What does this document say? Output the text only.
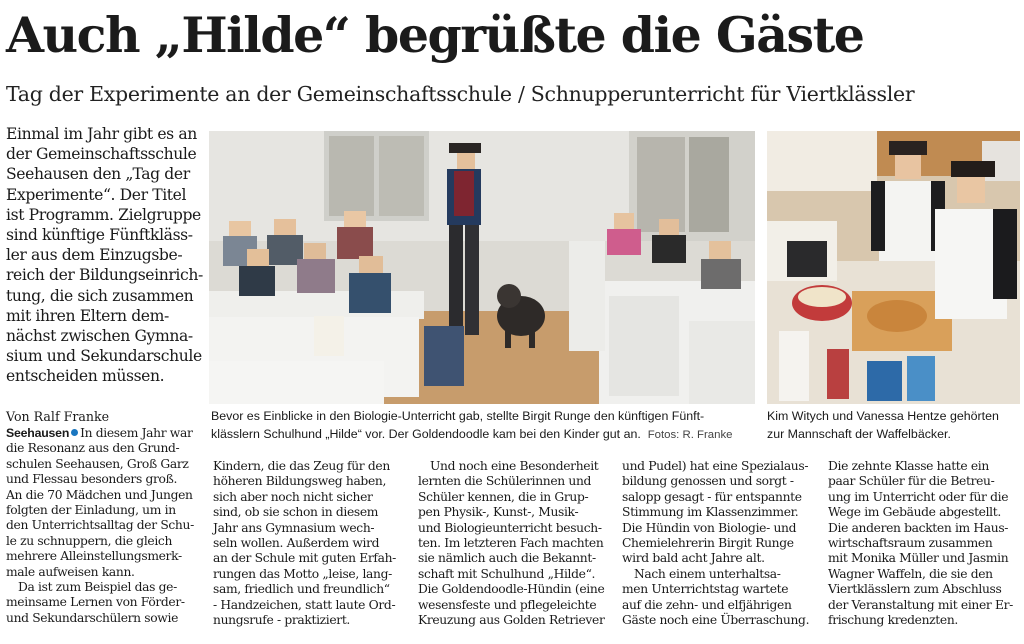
Auch „Hilde“ begrüßte die Gäste
Tag der Experimente an der Gemeinschaftsschule / Schnupperunterricht für Viertklässler
Einmal im Jahr gibt es an
der Gemeinschaftsschule
Seehausen den „Tag der
Experimente“. Der Titel
ist Programm. Zielgruppe
sind künftige Fünftkläss-
ler aus dem Einzugsbe-
reich der Bildungseinrich-
tung, die sich zusammen
mit ihren Eltern dem-
nächst zwischen Gymna-
sium und Sekundarschule
entscheiden müssen.
Von Ralf Franke
Seehausen In diesem Jahr war
die Resonanz aus den Grund-
schulen Seehausen, Groß Garz
und Flessau besonders groß.
An die 70 Mädchen und Jungen
folgten der Einladung, um in
den Unterrichtsalltag der Schu-
le zu schnuppern, die gleich
mehrere Alleinstellungsmerk-
male aufweisen kann.
Da ist zum Beispiel das ge-
meinsame Lernen von Förder-
und Sekundarschülern sowie
Kindern, die das Zeug für den
höheren Bildungsweg haben,
sich aber noch nicht sicher
sind, ob sie schon in diesem
Jahr ans Gymnasium wech-
seln wollen. Außerdem wird
an der Schule mit guten Erfah-
rungen das Motto „leise, lang-
sam, friedlich und freundlich“
- Handzeichen, statt laute Ord-
nungsrufe - praktiziert.
Und noch eine Besonderheit
lernten die Schülerinnen und
Schüler kennen, die in Grup-
pen Physik-, Kunst-, Musik-
und Biologieunterricht besuch-
ten. Im letzteren Fach machten
sie nämlich auch die Bekannt-
schaft mit Schulhund „Hilde“.
Die Goldendoodle-Hündin (eine
wesensfeste und pflegeleichte
Kreuzung aus Golden Retriever
und Pudel) hat eine Spezialaus-
bildung genossen und sorgt -
salopp gesagt - für entspannte
Stimmung im Klassenzimmer.
Die Hündin von Biologie- und
Chemielehrerin Birgit Runge
wird bald acht Jahre alt.
Nach einem unterhaltsa-
men Unterrichtstag wartete
auf die zehn- und elfjährigen
Gäste noch eine Überraschung.
Die zehnte Klasse hatte ein
paar Schüler für die Betreu-
ung im Unterricht oder für die
Wege im Gebäude abgestellt.
Die anderen backten im Haus-
wirtschaftsraum zusammen
mit Monika Müller und Jasmin
Wagner Waffeln, die sie den
Viertklässlern zum Abschluss
der Veranstaltung mit einer Er-
frischung kredenzten.
Bevor es Einblicke in den Biologie-Unterricht gab, stellte Birgit Runge den künftigen Fünft-
klässlern Schulhund „Hilde“ vor. Der Goldendoodle kam bei den Kinder gut an. Fotos: R. Franke
Kim Witych und Vanessa Hentze gehörten
zur Mannschaft der Waffelbäcker.
